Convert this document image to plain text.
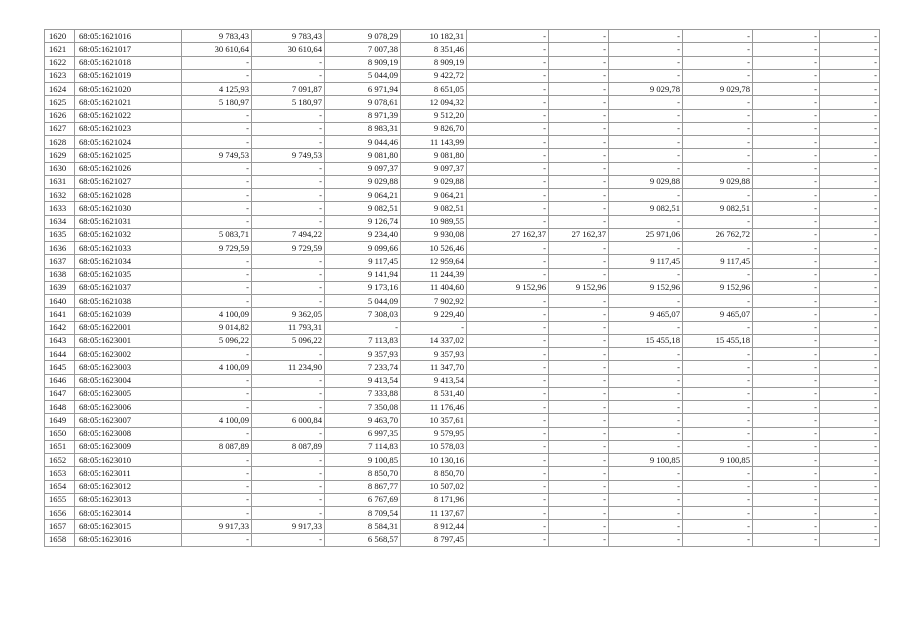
1620	68:05:1621016	9 783,43	9 783,43	9 078,29	10 182,31	-	-	-	-	-	-
1621	68:05:1621017	30 610,64	30 610,64	7 007,38	8 351,46	-	-	-	-	-	-
1622	68:05:1621018	-	-	8 909,19	8 909,19	-	-	-	-	-	-
1623	68:05:1621019	-	-	5 044,09	9 422,72	-	-	-	-	-	-
1624	68:05:1621020	4 125,93	7 091,87	6 971,94	8 651,05	-	-	9 029,78	9 029,78	-	-
1625	68:05:1621021	5 180,97	5 180,97	9 078,61	12 094,32	-	-	-	-	-	-
1626	68:05:1621022	-	-	8 971,39	9 512,20	-	-	-	-	-	-
1627	68:05:1621023	-	-	8 983,31	9 826,70	-	-	-	-	-	-
1628	68:05:1621024	-	-	9 044,46	11 143,99	-	-	-	-	-	-
1629	68:05:1621025	9 749,53	9 749,53	9 081,80	9 081,80	-	-	-	-	-	-
1630	68:05:1621026	-	-	9 097,37	9 097,37	-	-	-	-	-	-
1631	68:05:1621027	-	-	9 029,88	9 029,88	-	-	9 029,88	9 029,88	-	-
1632	68:05:1621028	-	-	9 064,21	9 064,21	-	-	-	-	-	-
1633	68:05:1621030	-	-	9 082,51	9 082,51	-	-	9 082,51	9 082,51	-	-
1634	68:05:1621031	-	-	9 126,74	10 989,55	-	-	-	-	-	-
1635	68:05:1621032	5 083,71	7 494,22	9 234,40	9 930,08	27 162,37	27 162,37	25 971,06	26 762,72	-	-
1636	68:05:1621033	9 729,59	9 729,59	9 099,66	10 526,46	-	-	-	-	-	-
1637	68:05:1621034	-	-	9 117,45	12 959,64	-	-	9 117,45	9 117,45	-	-
1638	68:05:1621035	-	-	9 141,94	11 244,39	-	-	-	-	-	-
1639	68:05:1621037	-	-	9 173,16	11 404,60	9 152,96	9 152,96	9 152,96	9 152,96	-	-
1640	68:05:1621038	-	-	5 044,09	7 902,92	-	-	-	-	-	-
1641	68:05:1621039	4 100,09	9 362,05	7 308,03	9 229,40	-	-	9 465,07	9 465,07	-	-
1642	68:05:1622001	9 014,82	11 793,31	-	-	-	-	-	-	-	-
1643	68:05:1623001	5 096,22	5 096,22	7 113,83	14 337,02	-	-	15 455,18	15 455,18	-	-
1644	68:05:1623002	-	-	9 357,93	9 357,93	-	-	-	-	-	-
1645	68:05:1623003	4 100,09	11 234,90	7 233,74	11 347,70	-	-	-	-	-	-
1646	68:05:1623004	-	-	9 413,54	9 413,54	-	-	-	-	-	-
1647	68:05:1623005	-	-	7 333,88	8 531,40	-	-	-	-	-	-
1648	68:05:1623006	-	-	7 350,08	11 176,46	-	-	-	-	-	-
1649	68:05:1623007	4 100,09	6 000,84	9 463,70	10 357,61	-	-	-	-	-	-
1650	68:05:1623008	-	-	6 997,35	9 579,95	-	-	-	-	-	-
1651	68:05:1623009	8 087,89	8 087,89	7 114,83	10 578,03	-	-	-	-	-	-
1652	68:05:1623010	-	-	9 100,85	10 130,16	-	-	9 100,85	9 100,85	-	-
1653	68:05:1623011	-	-	8 850,70	8 850,70	-	-	-	-	-	-
1654	68:05:1623012	-	-	8 867,77	10 507,02	-	-	-	-	-	-
1655	68:05:1623013	-	-	6 767,69	8 171,96	-	-	-	-	-	-
1656	68:05:1623014	-	-	8 709,54	11 137,67	-	-	-	-	-	-
1657	68:05:1623015	9 917,33	9 917,33	8 584,31	8 912,44	-	-	-	-	-	-
1658	68:05:1623016	-	-	6 568,57	8 797,45	-	-	-	-	-	-
